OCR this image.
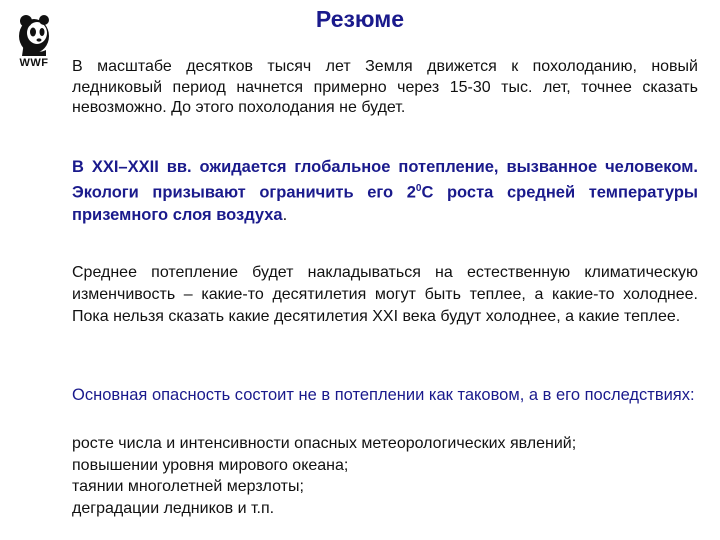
WWF
Резюме

В масштабе десятков тысяч лет Земля движется к похолоданию, новый ледниковый период начнется примерно через 15-30 тыс. лет, точнее сказать невозможно. До этого похолодания не будет.

В XXI–XXII вв. ожидается глобальное потепление, вызванное человеком. Экологи призывают ограничить его $2^0С$ роста средней температуры приземного слоя воздуха.

Среднее потепление будет накладываться на естественную климатическую изменчивость – какие-то десятилетия могут быть теплее, а какие-то холоднее. Пока нельзя сказать какие десятилетия XXI века будут холоднее, а какие теплее.

Основная опасность состоит не в потеплении как таковом, а в его последствиях:

росте числа и интенсивности опасных метеорологических явлений;
повышении уровня мирового океана;
таянии многолетней мерзлоты;
деградации ледников и т.п.
